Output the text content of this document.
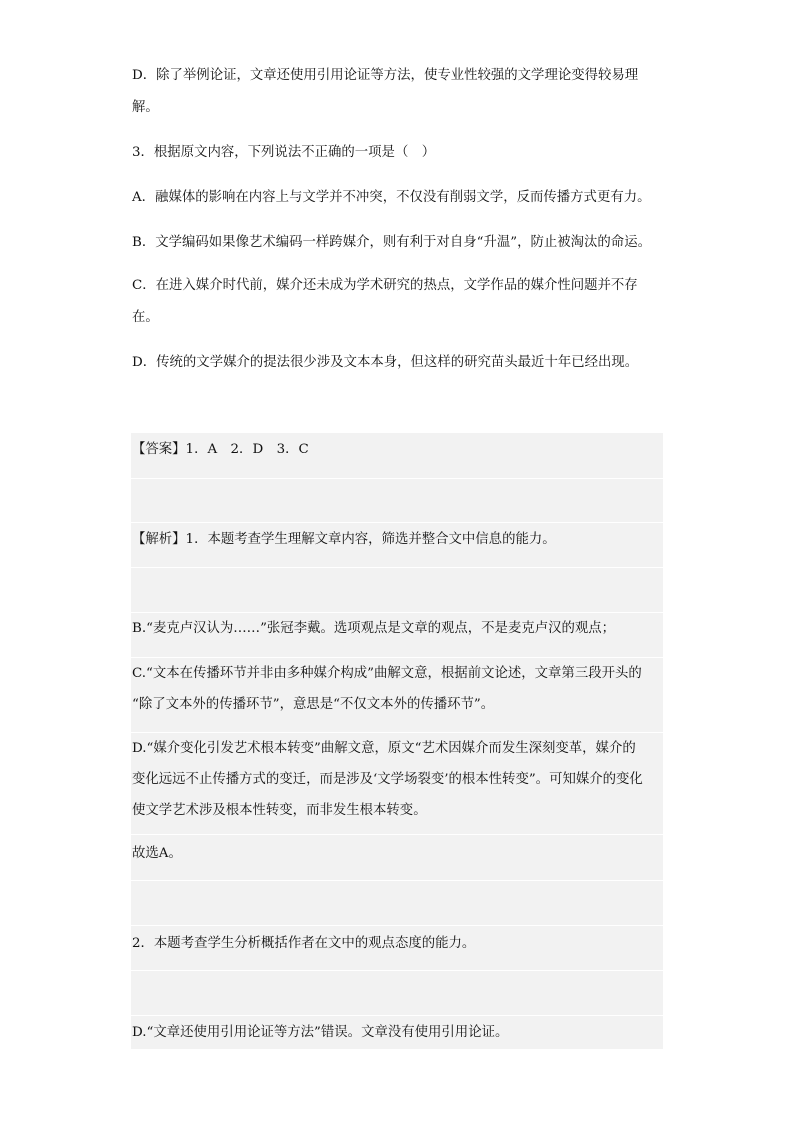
D．除了举例论证，文章还使用引用论证等方法，使专业性较强的文学理论变得较易理

解。

3．根据原文内容，下列说法不正确的一项是（　）

A．融媒体的影响在内容上与文学并不冲突，不仅没有削弱文学，反而传播方式更有力。

B．文学编码如果像艺术编码一样跨媒介，则有利于对自身“升温”，防止被淘汰的命运。

C．在进入媒介时代前，媒介还未成为学术研究的热点，文学作品的媒介性问题并不存

在。

D．传统的文学媒介的提法很少涉及文本本身，但这样的研究苗头最近十年已经出现。

【答案】1．A　2．D　3．C

【解析】1．本题考查学生理解文章内容，筛选并整合文中信息的能力。

B.“麦克卢汉认为……”张冠李戴。选项观点是文章的观点，不是麦克卢汉的观点；

C.“文本在传播环节并非由多种媒介构成”曲解文意，根据前文论述，文章第三段开头的

“除了文本外的传播环节”，意思是“不仅文本外的传播环节”。

D.“媒介变化引发艺术根本转变”曲解文意，原文“艺术因媒介而发生深刻变革，媒介的

变化远远不止传播方式的变迁，而是涉及‘文学场裂变’的根本性转变”。可知媒介的变化

使文学艺术涉及根本性转变，而非发生根本转变。

故选A。

2．本题考查学生分析概括作者在文中的观点态度的能力。

D.“文章还使用引用论证等方法”错误。文章没有使用引用论证。
